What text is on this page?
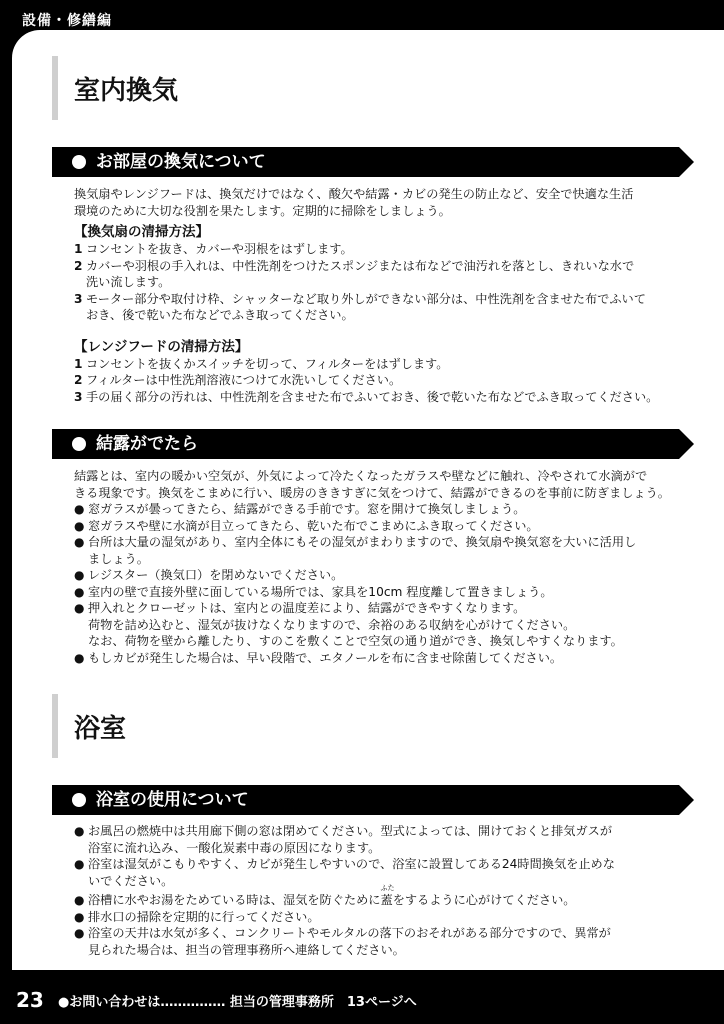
設備・修繕編
室内換気
お部屋の換気について

換気扇やレンジフードは、換気だけではなく、酸欠や結露・カビの発生の防止など、安全で快適な生活

環境のために大切な役割を果たします。定期的に掃除をしましょう。

【換気扇の清掃方法】

1 コンセントを抜き、カバーや羽根をはずします。

2 カバーや羽根の手入れは、中性洗剤をつけたスポンジまたは布などで油汚れを落とし、きれいな水で

洗い流します。

3 モーター部分や取付け枠、シャッターなど取り外しができない部分は、中性洗剤を含ませた布でふいて

おき、後で乾いた布などでふき取ってください。

【レンジフードの清掃方法】

1 コンセントを抜くかスイッチを切って、フィルターをはずします。

2 フィルターは中性洗剤溶液につけて水洗いしてください。

3 手の届く部分の汚れは、中性洗剤を含ませた布でふいておき、後で乾いた布などでふき取ってください。

結露がでたら

結露とは、室内の暖かい空気が、外気によって冷たくなったガラスや壁などに触れ、冷やされて水滴がで

きる現象です。換気をこまめに行い、暖房のききすぎに気をつけて、結露ができるのを事前に防ぎましょう。

● 窓ガラスが曇ってきたら、結露ができる手前です。窓を開けて換気しましょう。

● 窓ガラスや壁に水滴が目立ってきたら、乾いた布でこまめにふき取ってください。

● 台所は大量の湿気があり、室内全体にもその湿気がまわりますので、換気扇や換気窓を大いに活用し

ましょう。

● レジスター（換気口）を閉めないでください。

● 室内の壁で直接外壁に面している場所では、家具を10cm 程度離して置きましょう。

● 押入れとクローゼットは、室内との温度差により、結露ができやすくなります。

荷物を詰め込むと、湿気が抜けなくなりますので、余裕のある収納を心がけてください。

なお、荷物を壁から離したり、すのこを敷くことで空気の通り道ができ、換気しやすくなります。

● もしカビが発生した場合は、早い段階で、エタノールを布に含ませ除菌してください。

浴室
浴室の使用について
● お風呂の燃焼中は共用廊下側の窓は閉めてください。型式によっては、開けておくと排気ガスが

浴室に流れ込み、一酸化炭素中毒の原因になります。

● 浴室は湿気がこもりやすく、カビが発生しやすいので、浴室に設置してある24時間換気を止めな

いでください。

● 浴槽に水やお湯をためている時は、湿気を防ぐために
ふた
蓋をするように心がけてください。

● 排水口の掃除を定期的に行ってください。

● 浴室の天井は水気が多く、コンクリートやモルタルの落下のおそれがある部分ですので、異常が

見られた場合は、担当の管理事務所へ連絡してください。

23 ●お問い合わせは…………… 担当の管理事務所　13ページへ
